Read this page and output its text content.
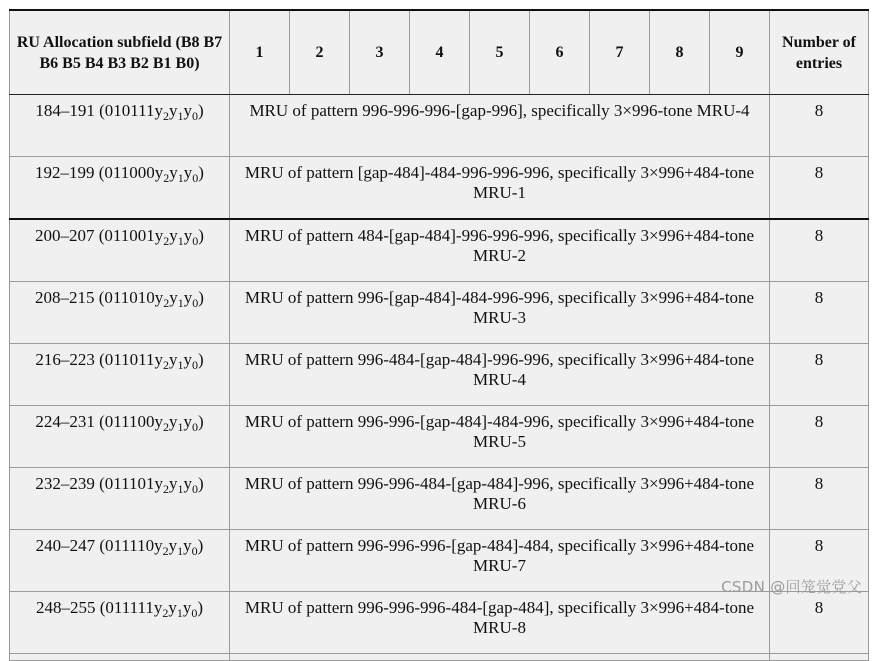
RU Allocation subfield (B8 B7 B6 B5 B4 B3 B2 B1 B0)	1	2	3	4	5	6	7	8	9	Number of entries
184–191 $(010111y_2y_1y_0)$	MRU of pattern 996-996-996-[gap-996], specifically 3×996-tone MRU-4									8
192–199 $(011000y_2y_1y_0)$	MRU of pattern [gap-484]-484-996-996-996, specifically 3×996+484-tone MRU-1									8
200–207 $(011001y_2y_1y_0)$	MRU of pattern 484-[gap-484]-996-996-996, specifically 3×996+484-tone MRU-2									8
208–215 $(011010y_2y_1y_0)$	MRU of pattern 996-[gap-484]-484-996-996, specifically 3×996+484-tone MRU-3									8
216–223 $(011011y_2y_1y_0)$	MRU of pattern 996-484-[gap-484]-996-996, specifically 3×996+484-tone MRU-4									8
224–231 $(011100y_2y_1y_0)$	MRU of pattern 996-996-[gap-484]-484-996, specifically 3×996+484-tone MRU-5									8
232–239 $(011101y_2y_1y_0)$	MRU of pattern 996-996-484-[gap-484]-996, specifically 3×996+484-tone MRU-6									8
240–247 $(011110y_2y_1y_0)$	MRU of pattern 996-996-996-[gap-484]-484, specifically 3×996+484-tone MRU-7									8
248–255 $(011111y_2y_1y_0)$	MRU of pattern 996-996-996-484-[gap-484], specifically 3×996+484-tone MRU-8									8

CSDN @回笼觉党父
